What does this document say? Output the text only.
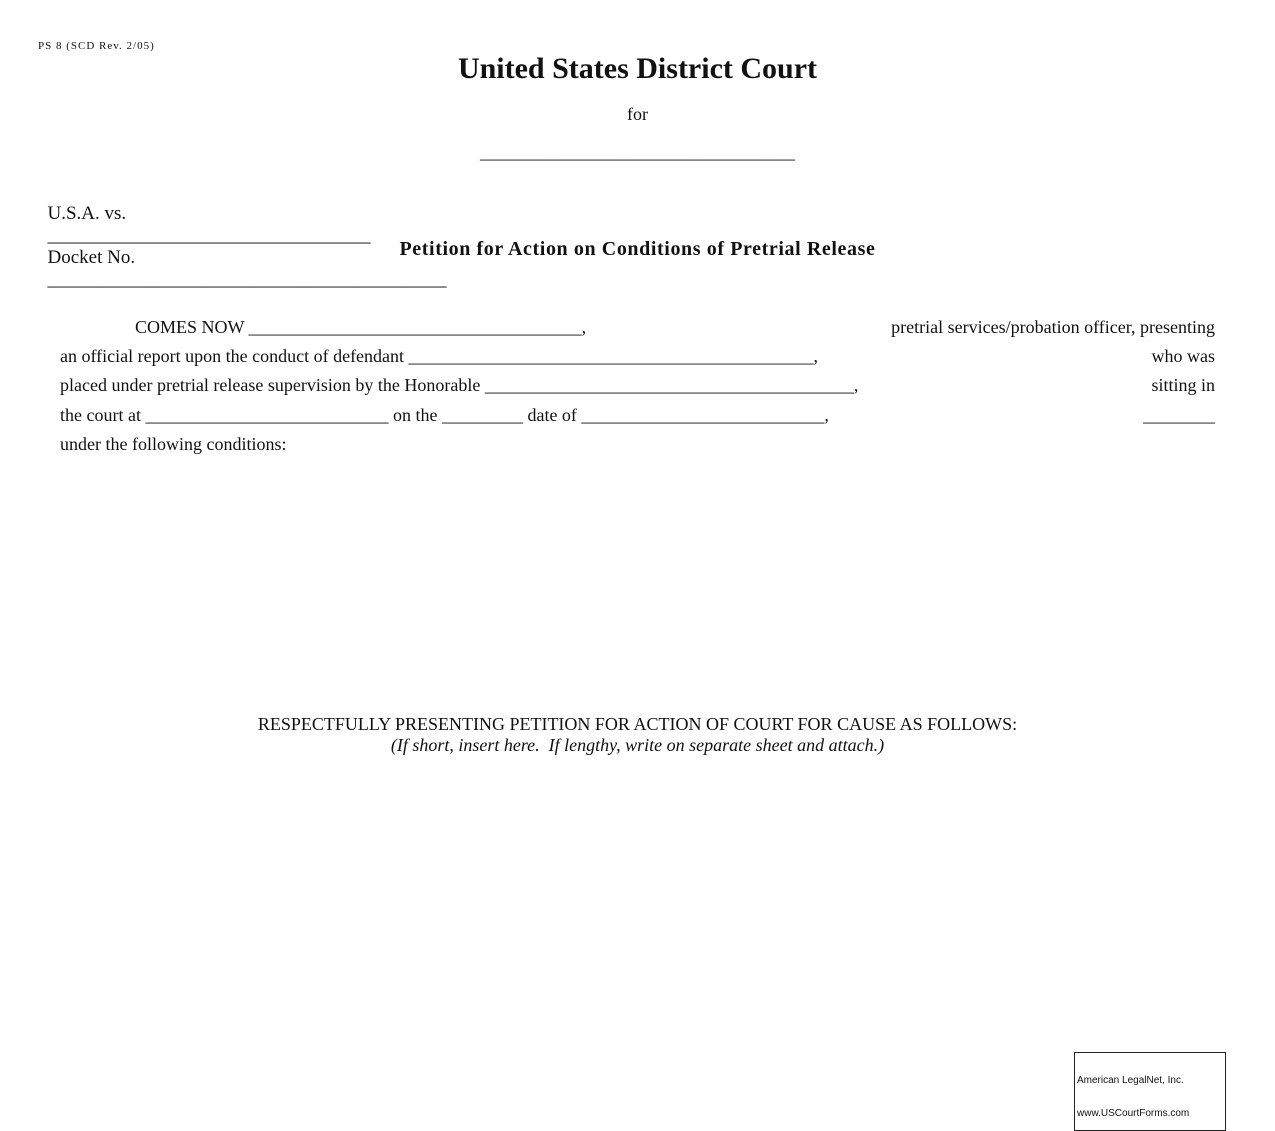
PS 8 (SCD Rev. 2/05)
United States District Court
for
___________________________________

U.S.A. vs.
__________________________________
Docket No.
__________________________________________

Petition for Action on Conditions of Pretrial Release
COMES NOW _____________________________________,	pretrial services/probation officer, presenting
an official report upon the conduct of defendant _____________________________________________,	who was
placed under pretrial release supervision by the Honorable _________________________________________,	sitting in
the court at ___________________________ on the _________ date of ___________________________,	________
under the following conditions:
RESPECTFULLY PRESENTING PETITION FOR ACTION OF COURT FOR CAUSE AS FOLLOWS:
(If short, insert here.  If lengthy, write on separate sheet and attach.)

American LegalNet, Inc.

www.USCourtForms.com
